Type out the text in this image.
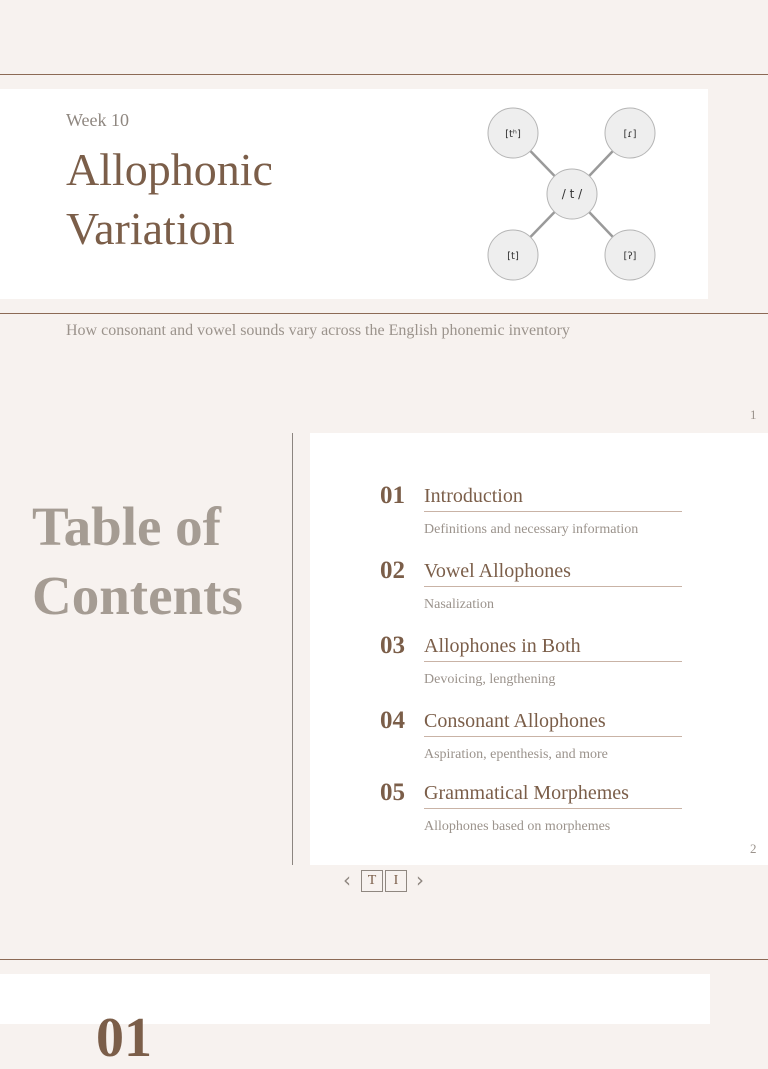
Week 10
Allophonic
Variation
[tʰ]	[ɾ]
/ t /
[t]	[ʔ]
How consonant and vowel sounds vary across the English phonemic inventory
1
Table of
Contents
01 Introduction
Definitions and necessary information
02 Vowel Allophones
Nasalization
03 Allophones in Both
Devoicing, lengthening
04 Consonant Allophones
Aspiration, epenthesis, and more
05 Grammatical Morphemes
Allophones based on morphemes
2
‹	T	I ›
01
